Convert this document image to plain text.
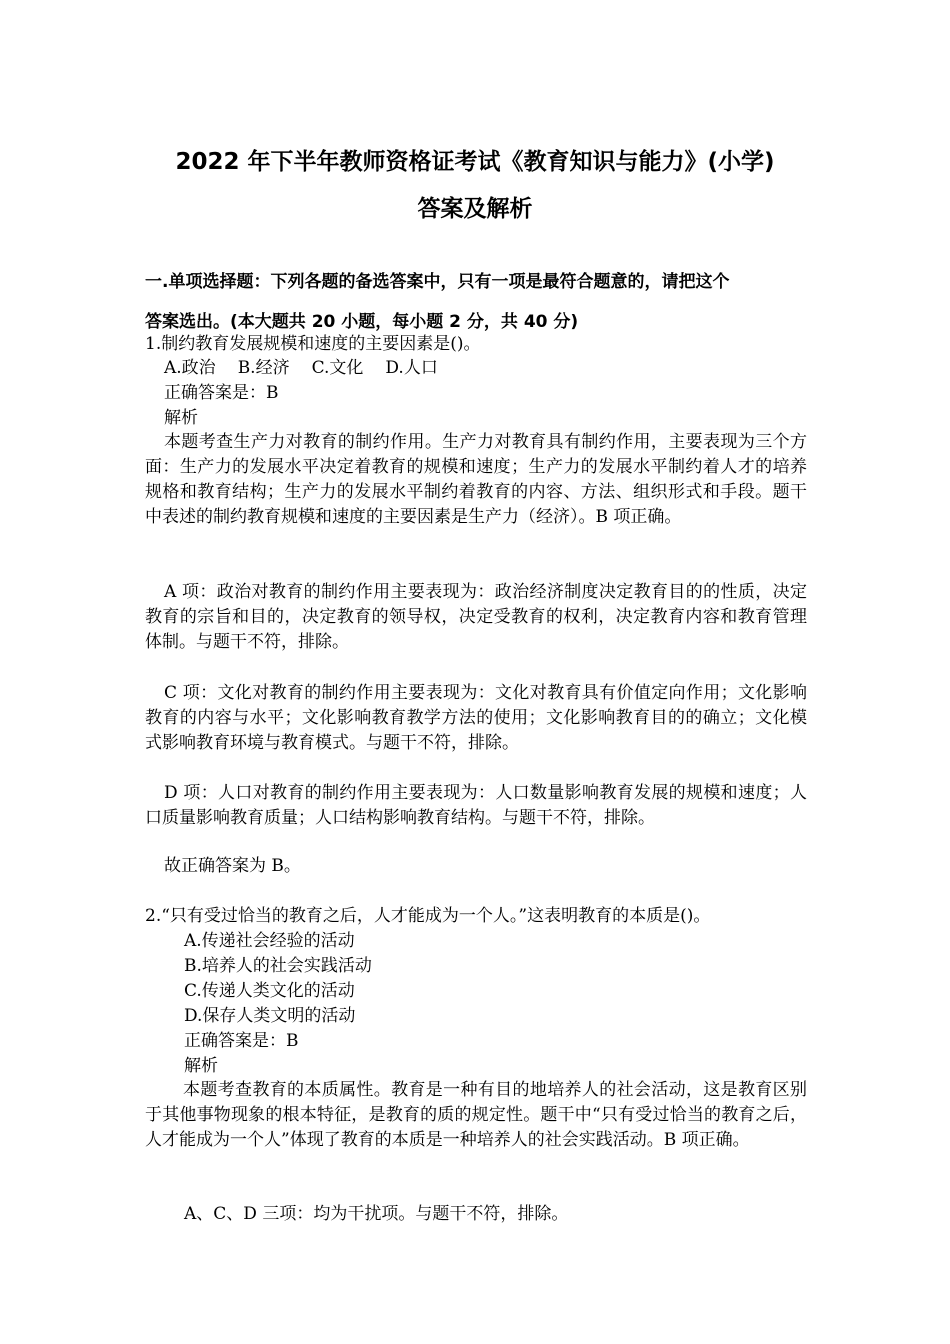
2022 年下半年教师资格证考试《教育知识与能力》(小学)
答案及解析
一.单项选择题：下列各题的备选答案中，只有一项是最符合题意的，请把这个
答案选出。(本大题共 20 小题，每小题 2 分，共 40 分)
1.制约教育发展规模和速度的主要因素是()。
A.政治 B.经济 C.文化 D.人口
正确答案是：B
解析
本题考查生产力对教育的制约作用。生产力对教育具有制约作用，主要表现为三个方面：生产力的发展水平决定着教育的规模和速度；生产力的发展水平制约着人才的培养规格和教育结构；生产力的发展水平制约着教育的内容、方法、组织形式和手段。题干中表述的制约教育规模和速度的主要因素是生产力（经济）。B 项正确。
A 项：政治对教育的制约作用主要表现为：政治经济制度决定教育目的的性质，决定教育的宗旨和目的，决定教育的领导权，决定受教育的权利，决定教育内容和教育管理体制。与题干不符，排除。
C 项：文化对教育的制约作用主要表现为：文化对教育具有价值定向作用；文化影响教育的内容与水平；文化影响教育教学方法的使用；文化影响教育目的的确立；文化模式影响教育环境与教育模式。与题干不符，排除。
D 项：人口对教育的制约作用主要表现为：人口数量影响教育发展的规模和速度；人口质量影响教育质量；人口结构影响教育结构。与题干不符，排除。
故正确答案为 B。
2.“只有受过恰当的教育之后，人才能成为一个人。”这表明教育的本质是()。
A.传递社会经验的活动
B.培养人的社会实践活动
C.传递人类文化的活动
D.保存人类文明的活动
正确答案是：B
解析
本题考查教育的本质属性。教育是一种有目的地培养人的社会活动，这是教育区别于其他事物现象的根本特征，是教育的质的规定性。题干中“只有受过恰当的教育之后，人才能成为一个人”体现了教育的本质是一种培养人的社会实践活动。B 项正确。
A、C、D 三项：均为干扰项。与题干不符，排除。
